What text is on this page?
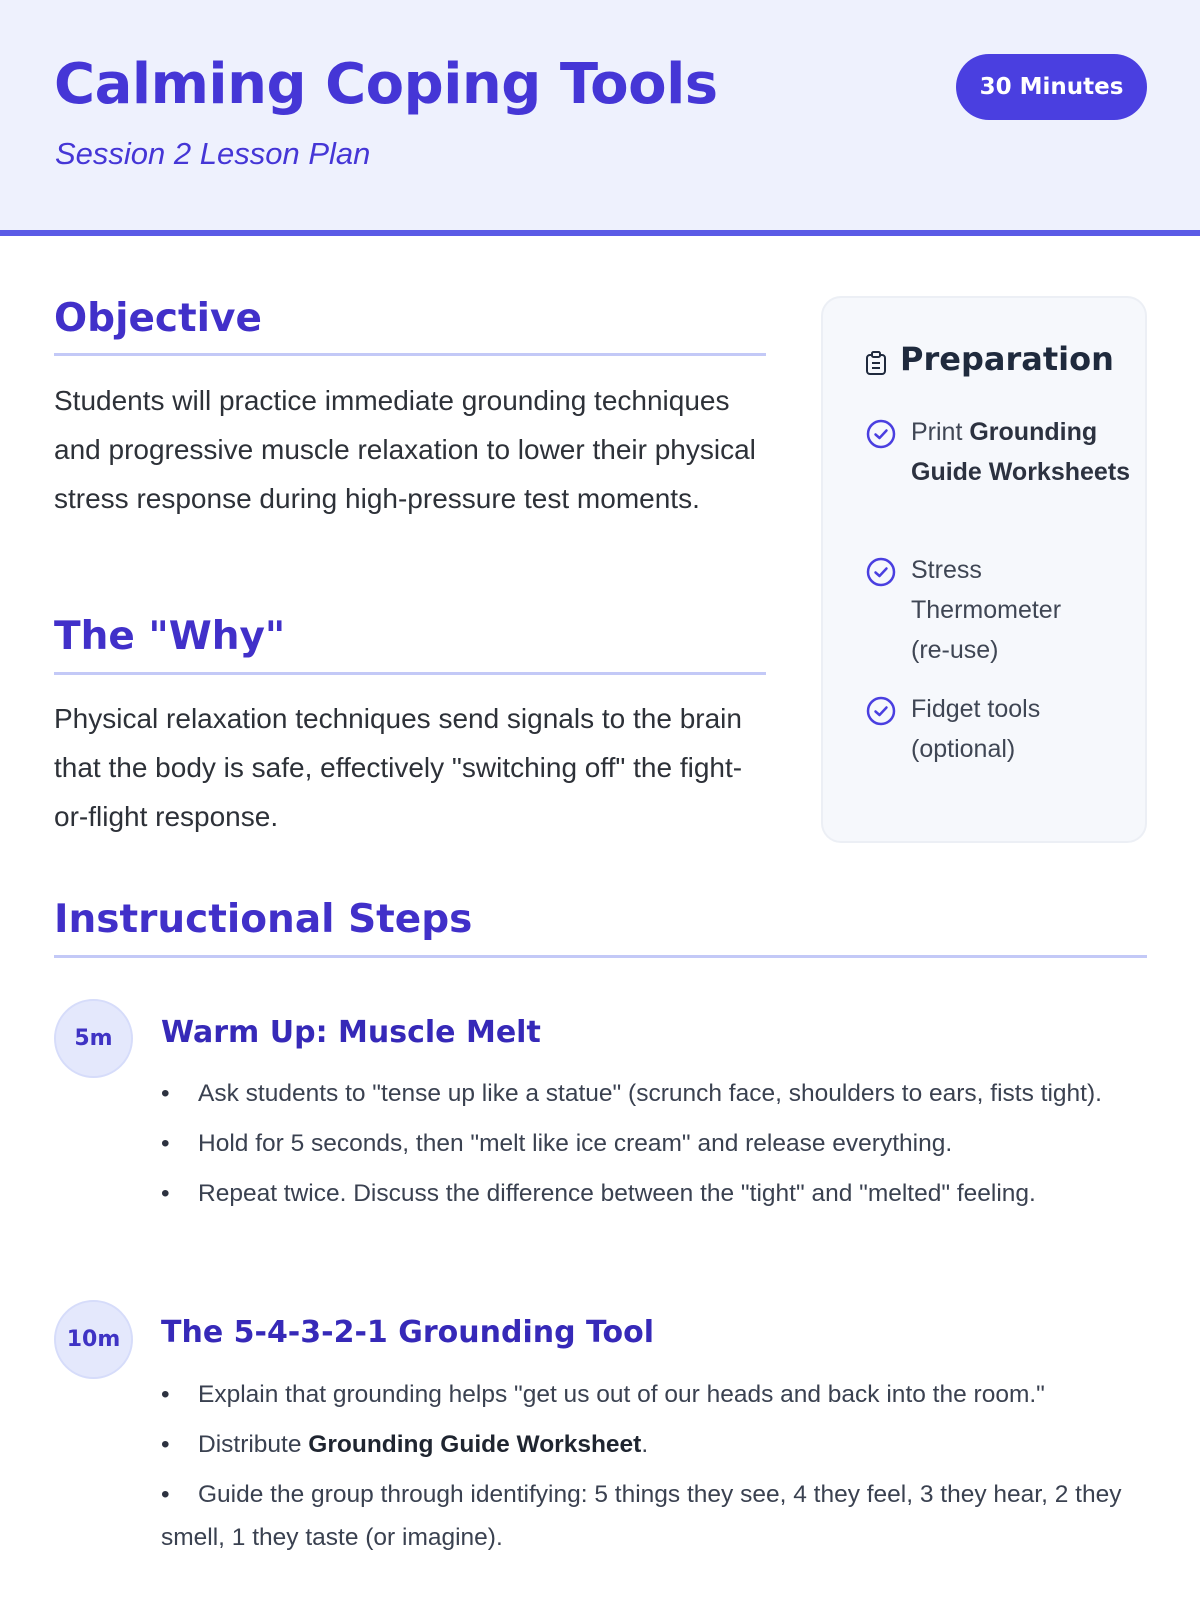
Calming Coping Tools
Session 2 Lesson Plan
30 Minutes
Objective
Students will practice immediate grounding techniques and progressive muscle relaxation to lower their physical stress response during high-pressure test moments.
The "Why"
Physical relaxation techniques send signals to the brain that the body is safe, effectively "switching off" the fight-or-flight response.
Preparation
Print Grounding Guide Worksheets
Stress Thermometer (re-use)
Fidget tools (optional)
Instructional Steps
5m	Warm Up: Muscle Melt
• Ask students to "tense up like a statue" (scrunch face, shoulders to ears, fists tight).
• Hold for 5 seconds, then "melt like ice cream" and release everything.
• Repeat twice. Discuss the difference between the "tight" and "melted" feeling.
10m	The 5-4-3-2-1 Grounding Tool
• Explain that grounding helps "get us out of our heads and back into the room."
• Distribute Grounding Guide Worksheet.
• Guide the group through identifying: 5 things they see, 4 they feel, 3 they hear, 2 they smell, 1 they taste (or imagine).
